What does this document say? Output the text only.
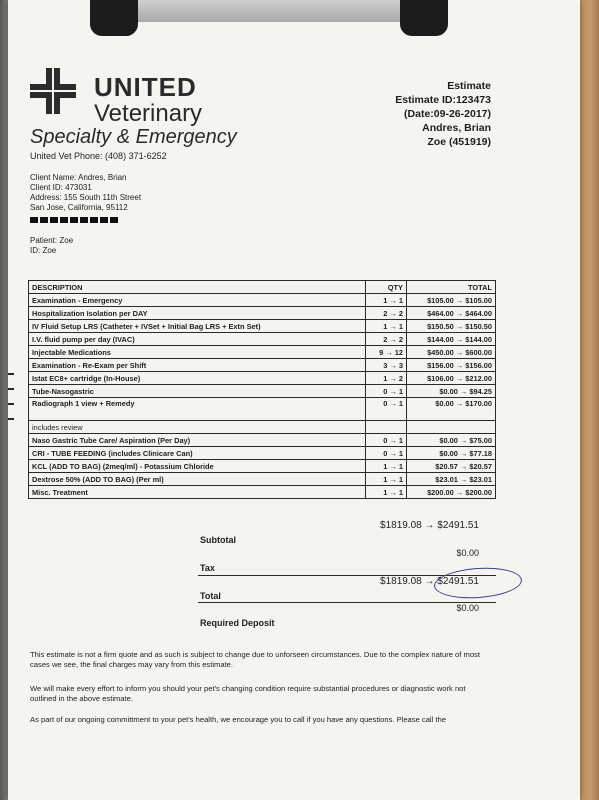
UNITED
Veterinary
Specialty & Emergency
United Vet Phone: (408) 371-6252
Estimate
Estimate ID:123473
(Date:09-26-2017)
Andres, Brian
Zoe (451919)
Client Name: Andres, Brian
Client ID: 473031
Address: 155 South 11th Street
San Jose, California, 95112
Patient: Zoe
ID: Zoe
DESCRIPTION	QTY	TOTAL
Examination - Emergency	1 → 1	$105.00 → $105.00
Hospitalization Isolation per DAY	2 → 2	$464.00 → $464.00
IV Fluid Setup LRS (Catheter + IVSet + Initial Bag LRS + Extn Set)	1 → 1	$150.50 → $150.50
I.V. fluid pump per day (IVAC)	2 → 2	$144.00 → $144.00
Injectable Medications	9 → 12	$450.00 → $600.00
Examination - Re-Exam per Shift	3 → 3	$156.00 → $156.00
Istat EC8+ cartridge (In-House)	1 → 2	$106.00 → $212.00
Tube-Nasogastric	0 → 1	$0.00 → $94.25
Radiograph 1 view + Remedy	0 → 1	$0.00 → $170.00
includes review		
Naso Gastric Tube Care/ Aspiration (Per Day)	0 → 1	$0.00 → $75.00
CRI - TUBE FEEDING (includes Clinicare Can)	0 → 1	$0.00 → $77.18
KCL (ADD TO BAG) (2meq/ml) - Potassium Chloride	1 → 1	$20.57 → $20.57
Dextrose 50% (ADD TO BAG) (Per ml)	1 → 1	$23.01 → $23.01
Misc. Treatment	1 → 1	$200.00 → $200.00
$1819.08 → $2491.51
Subtotal
$0.00
Tax
$1819.08 → $2491.51
Total
$0.00
Required Deposit
This estimate is not a firm quote and as such is subject to change due to unforseen circumstances. Due to the complex nature of most cases we see, the final charges may vary from this estimate.
We will make every effort to inform you should your pet's changing condition require substantial procedures or diagnostic work not outlined in the above estimate.
As part of our ongoing committment to your pet's health, we encourage you to call if you have any questions. Please call the
